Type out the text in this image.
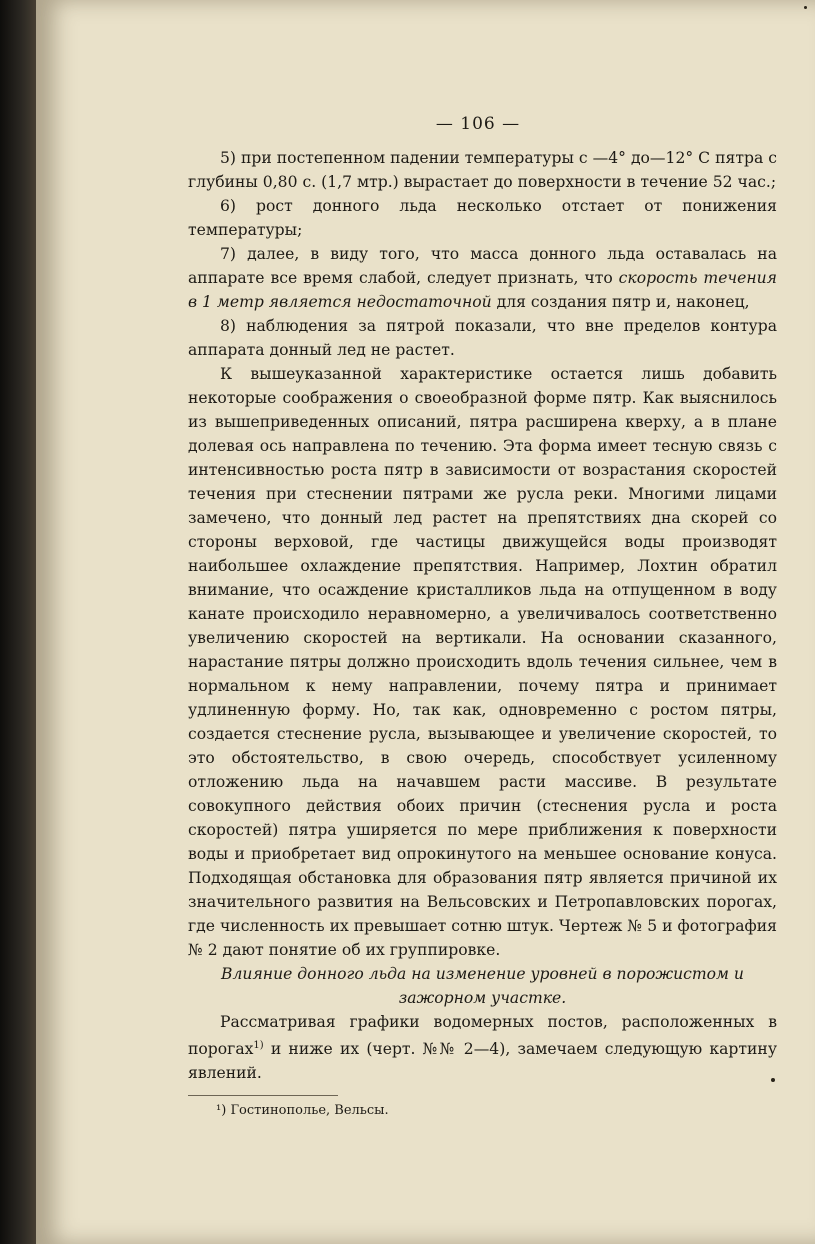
— 106 —

5) при постепенном падении температуры с —4° до—12° С пятра с глубины 0,80 с. (1,7 мтр.) вырастает до поверхности в течение 52 час.;

6) рост донного льда несколько отстает от понижения температуры;

7) далее, в виду того, что масса донного льда оставалась на аппарате все время слабой, следует признать, что скорость течения в 1 метр является недостаточной для создания пятр и, наконец,

8) наблюдения за пятрой показали, что вне пределов контура аппарата донный лед не растет.

К вышеуказанной характеристике остается лишь добавить некоторые соображения о своеобразной форме пятр. Как выяснилось из вышеприведенных описаний, пятра расширена кверху, а в плане долевая ось направлена по течению. Эта форма имеет тесную связь с интенсивностью роста пятр в зависимости от возрастания скоростей течения при стеснении пятрами же русла реки. Многими лицами замечено, что донный лед растет на препятствиях дна скорей со стороны верховой, где частицы движущейся воды производят наибольшее охлаждение препятствия. Например, Лохтин обратил внимание, что осаждение кристалликов льда на отпущенном в воду канате происходило неравномерно, а увеличивалось соответственно увеличению скоростей на вертикали. На основании сказанного, нарастание пятры должно происходить вдоль течения сильнее, чем в нормальном к нему направлении, почему пятра и принимает удлиненную форму. Но, так как, одновременно с ростом пятры, создается стеснение русла, вызывающее и увеличение скоростей, то это обстоятельство, в свою очередь, способствует усиленному отложению льда на начавшем расти массиве. В результате совокупного действия обоих причин (стеснения русла и роста скоростей) пятра уширяется по мере приближения к поверхности воды и приобретает вид опрокинутого на меньшее основание конуса. Подходящая обстановка для образования пятр является причиной их значительного развития на Вельсовских и Петропавловских порогах, где численность их превышает сотню штук. Чертеж № 5 и фотография № 2 дают понятие об их группировке.

Влияние донного льда на изменение уровней в порожистом и зажорном участке.

Рассматривая графики водомерных постов, расположенных в порогах$^{1)}$ и ниже их (черт. №№ 2—4), замечаем следующую картину явлений.

¹) Гостинополье, Вельсы.
